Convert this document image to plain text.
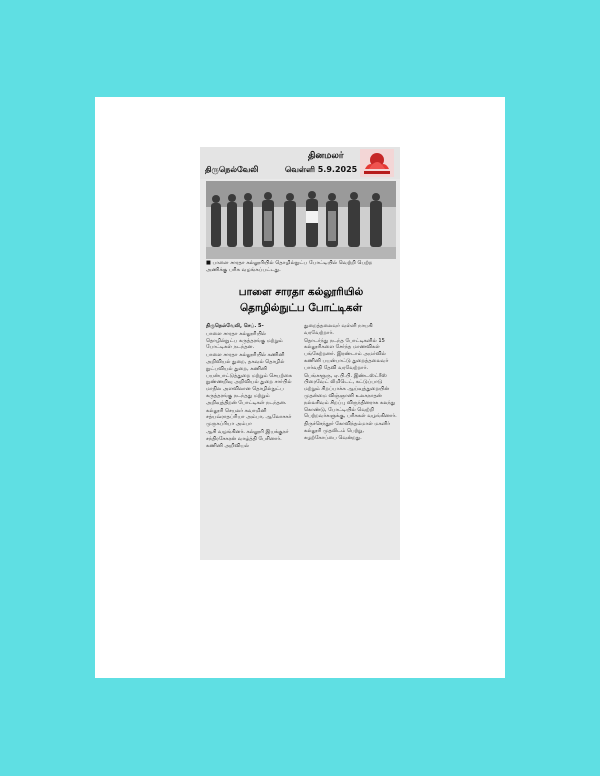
தினமலர்
திருநெல்வேலி	வெள்ளி 5.9.2025
■ பாளை சாரதா கல்லூரியில் தொழில்நுட்ப போட்டியில் வெற்றி பெற்ற அணிக்கு பரிசு வழங்கப்பட்டது.
பாளை சாரதா கல்லூரியில்
தொழில்நுட்ப போட்டிகள்

திருநெல்வேலி, செப். 5-

பாளை சாரதா கல்லூரியில் தொழில்நுட்ப கருத்தரங்கு மற்றும் போட்டிகள் நடந்தன.

பாளை சாரதா கல்லூரியில் கணினி அறிவியல் துறை, தகவல் தொழில் நுட்பவியல் துறை, கணினி பயன்பாட்டுத்துறை மற்றும் செயற்கை நுண்ணறிவு அறிவியல் துறை சார்பில் மாநில அளவிலான தொழில்நுட்ப கருத்தரங்கு நடந்தது மற்றும் அறிவுத்திறன் போட்டிகள் நடந்தன.

கல்லூரி செயலர் சுவாமினி சத்யவ்ராதப்ரியா அம்பா, ஆலோசகர் முருகப்ரியா அம்பா

ஆசி வழங்கினர். கல்லூரி இயக்குநர் சந்திரசேகரன் வாழ்த்தி பேசினார். கணினி அறிவியல்

துறைத்தலைவர் வள்ளி நாயகி வரவேற்றார்.

தொடர்ந்து நடந்த போட்டிகளில் 15 கல்லூரிகளை சேர்ந்த மாணவிகள் பங்கேற்றனர். இரண்டாம் அமர்வில் கணினி பயன்பாட்டு துறைத்தலைவர் பார்வதி தேவி வரவேற்றார்.

பெங்களூரு, ஏ.பி.பி. இண்டஸ்ட்ரீஸ் பிரைவேட் லிமிடெட், கட்டுப்பாடு மற்றும் சிறப்பாக்க ஆய்வுத்துறையின் முதன்மை விஞ்ஞானி உலகநாதன் நல்லசிவம் சிறப்பு விருந்தினராக கலந்து கொண்டு, போட்டியில் வெற்றி பெற்றவர்களுக்கு, பரிசுகள் வழங்கினார்.

திருச்செந்தூர் கோவிந்தம்மாள் மகளிர் கல்லூரி முதலிடம் பெற்று, சுழற்கோப்பை வென்றது.
